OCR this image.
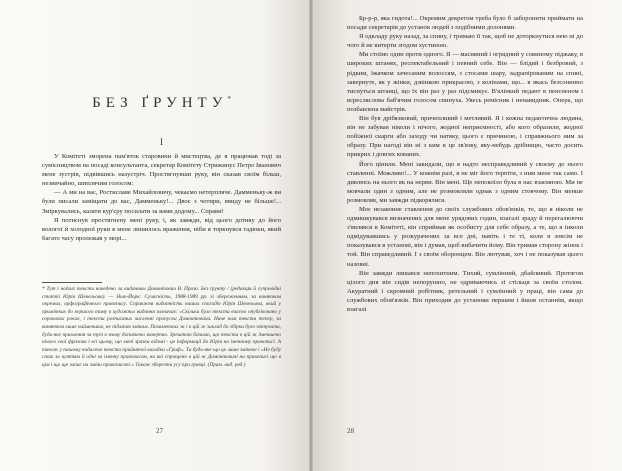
БЕЗ ҐРУНТУ*
I

У Комітеті зморена пам'яток старовини й мистецтва, де я працював тоді за сумісництвом на посаді консультанта, секретар Комітету Стрижинус Петро Іванович мене зустрів, підвівшись назустріч. Простягнувши руку, він сказав своїм більш, незвичайно, шиплячим голосом:

— А ми на вас, Ростиславе Михайловичу, чекаємо нетерпляче. Дамменьку-ж ви були писали заміщати до вас, Дамменьку!... Двоє з чотири, ввиду не більше!... Зміркувались, казати кур'єру посилати за вами додому... Справи!

Я потиснув простягнену мені руку, і, як завжди, від цього дотику до його вологої й холодної руки в мене лишилось враження, ніби я торкнувся гадюки, який багато часу пролежав у морі...

* Тут і надалі тексти наведено за виданням Домонтович В. Проза. Без ґрунту / (редакція й супровідні статті Юрія Шевельова). — Нью-Йорк: Сучасність, 1988-1989 рр. зі збереженням, за винятком окремих, орфографічного правопису. Справжня видатність наших спогадів Юрія Шевельова, який у примітках до першого тому в художньо видання зазначає: «Скільки було тексти вчасно опубліковано у сорокових роках, і тексти розписаних численні пропуски Домонтовича. Наче нам тексти тепер, за винятком лише найменших, не підлягав змінам. Позаметних ж і в цій ж заклад до збірки було звітувати, будь-яке правлення за тут в знову доповнено вичерпно. Зрештою бачимо, що тексти в цій ж Зменшено нічого свої фразова і всі цьому, що мені зразки відомі - це інформації до Юрія на іменному правописі. А також у нашому видалено тексти прийнятої вигадки «Гриф». Ти будь-яке що це лише змінене і «Не буду спаю за чуттям її одні за іменну правописом, на які спрощено в цій ж Домонтовичі на правописі що в цім і що ще запис на зміни правописові.» Також зберегти усу при гравці. (Прим. вид. ред.)

27

Бр-р-р, яка гидота!... Окремим декретом треба було б заборонити приймати на посади секретарів до установ людей з подібними долонями.

Я одкладу руку назад, за спину, і тримаю її так, щоб не доторкнутися нею ні до чого й не витерти згодом хустиною.

Ми стоїмо один проти одного. Я — масивний і огрядний у совиному піджаку, в широких штанях, респектабельний і певний себе. Він — блідий і безбровий, з рідким, їжачком зачесаним волоссям, з стосами шару, задрапірованим на спині, завернуте, як у жінки, дзвінкою прикрасою, з колінами, що... в якась безсонинно тиснуться штанці, що їх він раз у раз підсмикує. В'ялінкий педант в пенсненом і всресляслова баб'ячим голосом свинуха. Увесь ремісник і ненавидник. Опера, що позбавлена майстрів.

Він був дрібязковий, причепливий і метливий. Я і кожна педантична людина, він не забував ніколи і нічого, жодної неприємності, або кого образили, жодної побіжної скарги або заходу чи натяку, цього є причиною, і справжнього ним за образу. При нагоді він ні з ким в це зв'язку, яку-небудь дрібницю, часто досить прикрих і довгих кованих.

Його цінили. Мені закидали, що я надто несправедливий у своєму до нього ставленні. Можливо!... У кожнім разі, я не міг його терпіти, з ним мене так само. І дивлюсь на нього як на нерви. Він мені. Ще непокоїло була в нас взаємною. Ми не мовчали один з одним, але не розмовляли однак з одним стоячому. Він менше розмовляв, ми завжди підкорялися.

Моє незаконне ставлення до своїх службових обов'язків, те, що я ніколи не одмишкувався визначених для мене урядових годин, взагалі зраду й перегалюючи з'являвся в Комітеті, він сприймав як особисту для себе образу, а те, що я інколи одмідувавшись у розкурачених за все дні, навіть і те ті, коли я зовсім не показувався в установі, він і думав, щоб вибачити йому. Він тримав сторону жінок і той. Він справедливий. І з своїм оборонцем. Він лютував, хоч і не показував цього назовні.

Він завжди лишався непохитним. Тихий, сумлінний, дбайливий. Протягом цілого дня він сидів непорушно, не одриваючись зі стільця за своїм столом. Акуратний і скромний робітник, ретельний і сумлінний у праці, він сама до службових обов'язків. Він приходив до установи першим і йшов останнім, якщо взагалі

28
